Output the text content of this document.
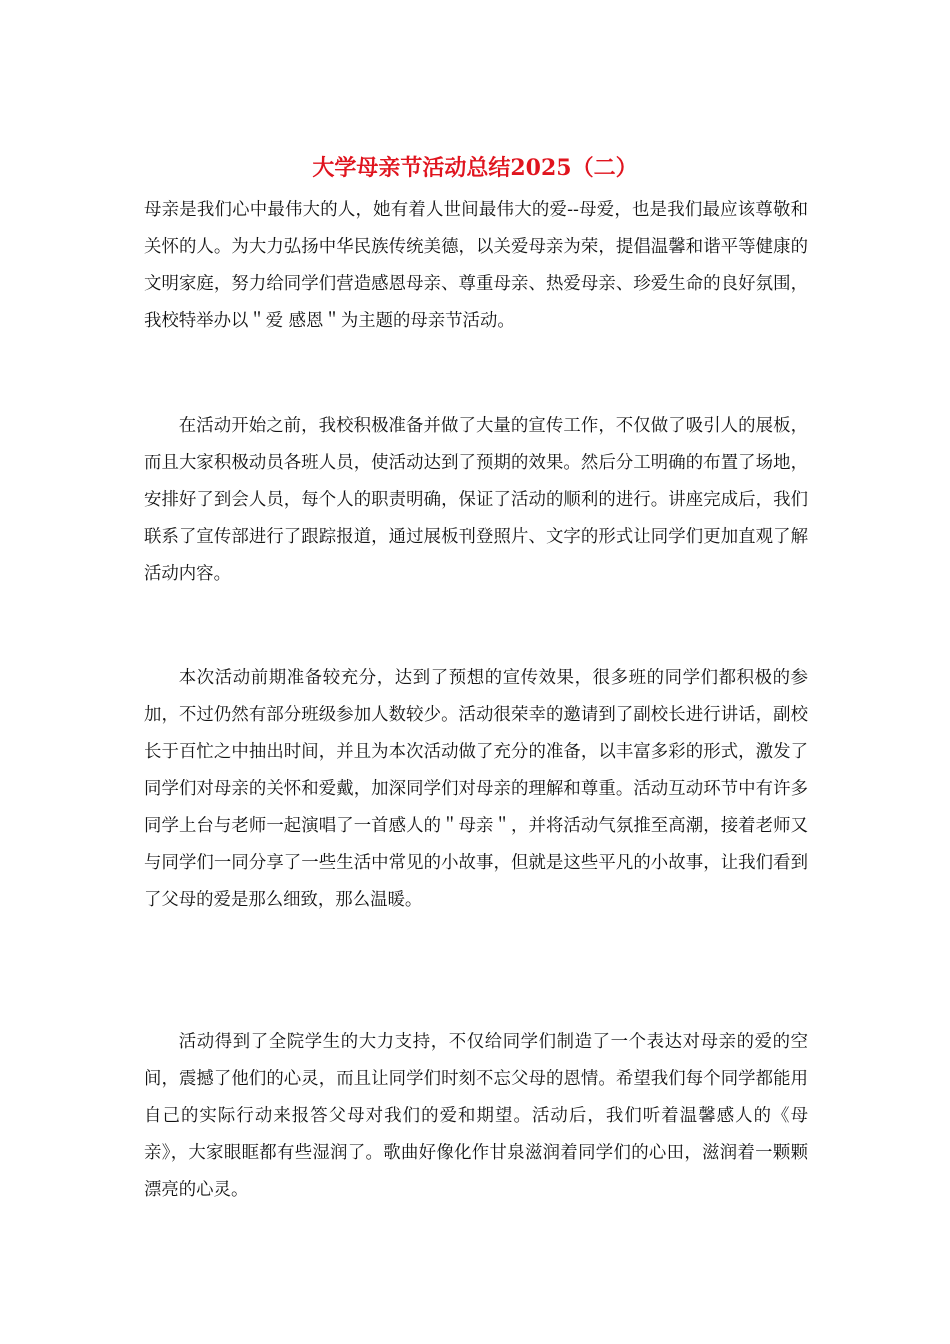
大学母亲节活动总结2025（二）

母亲是我们心中最伟大的人，她有着人世间最伟大的爱--母爱，也是我们最应该尊敬和关怀的人。为大力弘扬中华民族传统美德，以关爱母亲为荣，提倡温馨和谐平等健康的文明家庭，努力给同学们营造感恩母亲、尊重母亲、热爱母亲、珍爱生命的良好氛围，我校特举办以＂爱 感恩＂为主题的母亲节活动。

在活动开始之前，我校积极准备并做了大量的宣传工作，不仅做了吸引人的展板，而且大家积极动员各班人员，使活动达到了预期的效果。然后分工明确的布置了场地，安排好了到会人员，每个人的职责明确，保证了活动的顺利的进行。讲座完成后，我们联系了宣传部进行了跟踪报道，通过展板刊登照片、文字的形式让同学们更加直观了解活动内容。

本次活动前期准备较充分，达到了预想的宣传效果，很多班的同学们都积极的参加，不过仍然有部分班级参加人数较少。活动很荣幸的邀请到了副校长进行讲话，副校长于百忙之中抽出时间，并且为本次活动做了充分的准备，以丰富多彩的形式，激发了同学们对母亲的关怀和爱戴，加深同学们对母亲的理解和尊重。活动互动环节中有许多同学上台与老师一起演唱了一首感人的＂母亲＂，并将活动气氛推至高潮，接着老师又与同学们一同分享了一些生活中常见的小故事，但就是这些平凡的小故事，让我们看到了父母的爱是那么细致，那么温暖。

活动得到了全院学生的大力支持，不仅给同学们制造了一个表达对母亲的爱的空间，震撼了他们的心灵，而且让同学们时刻不忘父母的恩情。希望我们每个同学都能用自己的实际行动来报答父母对我们的爱和期望。活动后，我们听着温馨感人的《母亲》，大家眼眶都有些湿润了。歌曲好像化作甘泉滋润着同学们的心田，滋润着一颗颗漂亮的心灵。
